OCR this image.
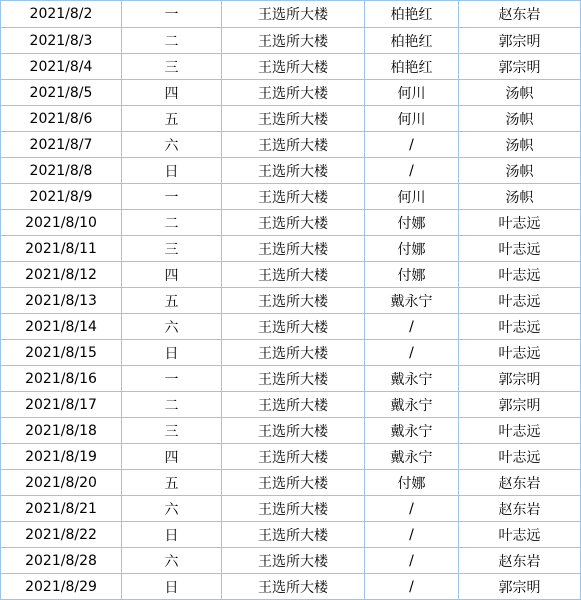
2021/8/2	一	王选所大楼	柏艳红	赵东岩
2021/8/3	二	王选所大楼	柏艳红	郭宗明
2021/8/4	三	王选所大楼	柏艳红	郭宗明
2021/8/5	四	王选所大楼	何川	汤帜
2021/8/6	五	王选所大楼	何川	汤帜
2021/8/7	六	王选所大楼	/	汤帜
2021/8/8	日	王选所大楼	/	汤帜
2021/8/9	一	王选所大楼	何川	汤帜
2021/8/10	二	王选所大楼	付娜	叶志远
2021/8/11	三	王选所大楼	付娜	叶志远
2021/8/12	四	王选所大楼	付娜	叶志远
2021/8/13	五	王选所大楼	戴永宁	叶志远
2021/8/14	六	王选所大楼	/	叶志远
2021/8/15	日	王选所大楼	/	叶志远
2021/8/16	一	王选所大楼	戴永宁	郭宗明
2021/8/17	二	王选所大楼	戴永宁	郭宗明
2021/8/18	三	王选所大楼	戴永宁	叶志远
2021/8/19	四	王选所大楼	戴永宁	叶志远
2021/8/20	五	王选所大楼	付娜	赵东岩
2021/8/21	六	王选所大楼	/	赵东岩
2021/8/22	日	王选所大楼	/	叶志远
2021/8/28	六	王选所大楼	/	赵东岩
2021/8/29	日	王选所大楼	/	郭宗明
